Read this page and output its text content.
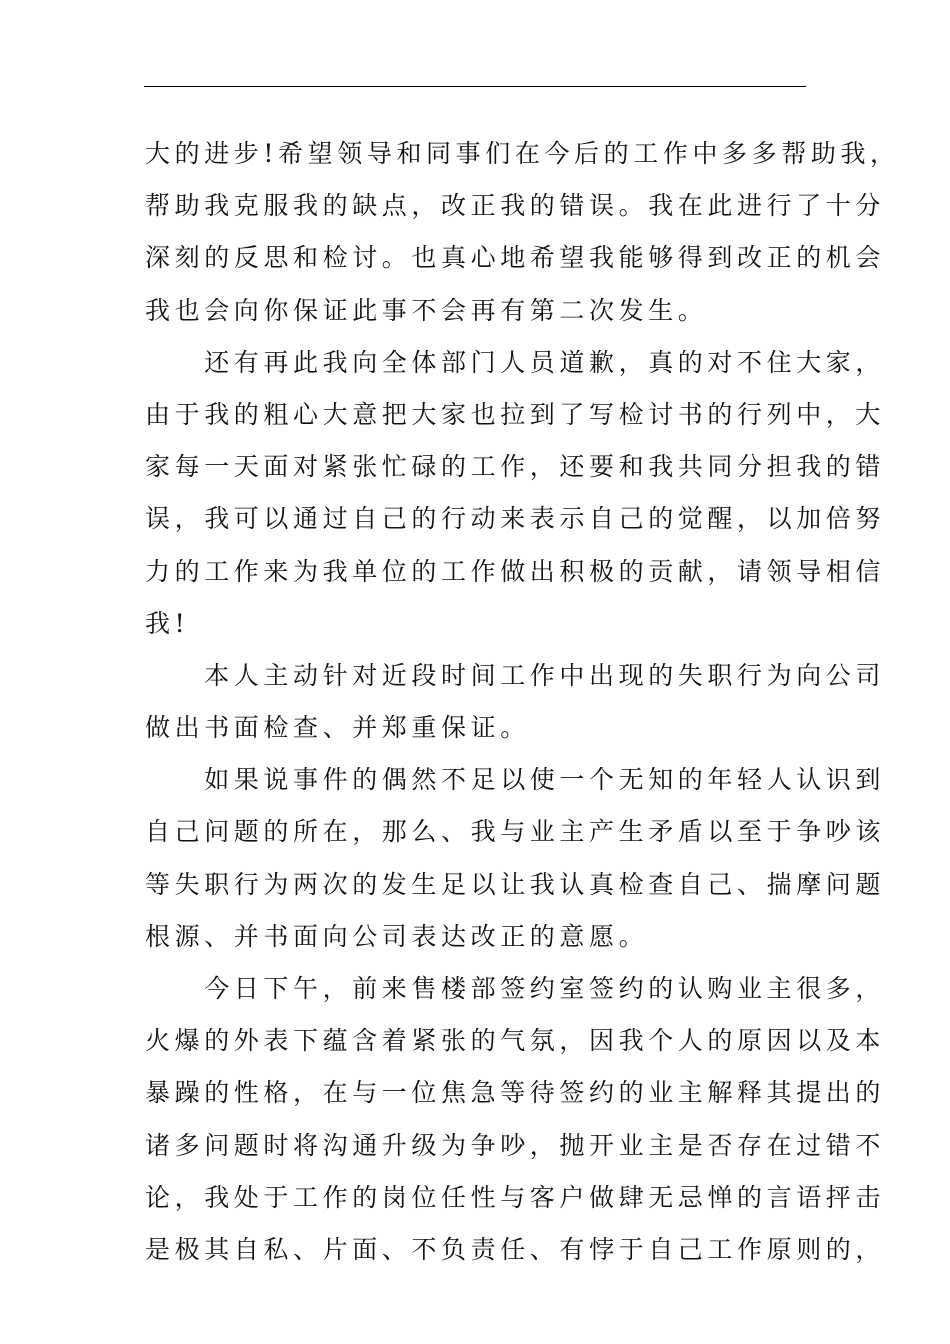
大的进步!希望领导和同事们在今后的工作中多多帮助我，
帮助我克服我的缺点，改正我的错误。我在此进行了十分
深刻的反思和检讨。也真心地希望我能够得到改正的机会
我也会向你保证此事不会再有第二次发生。
　　还有再此我向全体部门人员道歉，真的对不住大家，
由于我的粗心大意把大家也拉到了写检讨书的行列中，大
家每一天面对紧张忙碌的工作，还要和我共同分担我的错
误，我可以通过自己的行动来表示自己的觉醒，以加倍努
力的工作来为我单位的工作做出积极的贡献，请领导相信
我!
　　本人主动针对近段时间工作中出现的失职行为向公司
做出书面检查、并郑重保证。
　　如果说事件的偶然不足以使一个无知的年轻人认识到
自己问题的所在，那么、我与业主产生矛盾以至于争吵该
等失职行为两次的发生足以让我认真检查自己、揣摩问题
根源、并书面向公司表达改正的意愿。
　　今日下午，前来售楼部签约室签约的认购业主很多，
火爆的外表下蕴含着紧张的气氛，因我个人的原因以及本
暴躁的性格，在与一位焦急等待签约的业主解释其提出的
诸多问题时将沟通升级为争吵，抛开业主是否存在过错不
论，我处于工作的岗位任性与客户做肆无忌惮的言语抨击
是极其自私、片面、不负责任、有悖于自己工作原则的，
